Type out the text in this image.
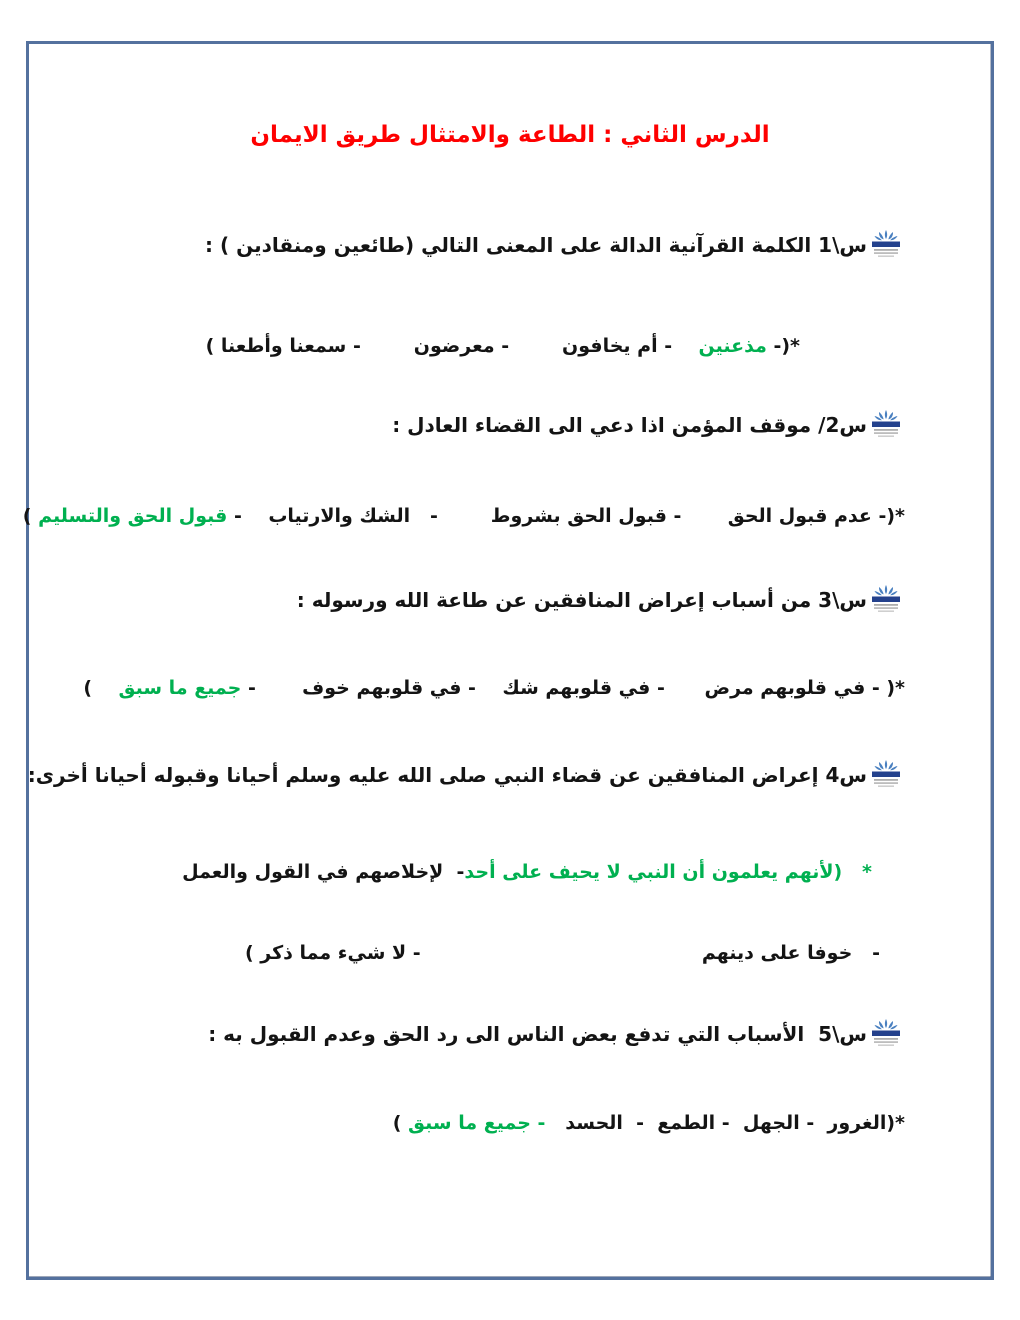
الدرس الثاني : الطاعة والامتثال طريق الايمان
س\1 الكلمة القرآنية الدالة على المعنى التالي (طائعين ومنقادين ) :
*(- مذعنين    - أم يخافون        - معرضون        - سمعنا وأطعنا )
س2/ موقف المؤمن اذا دعي الى القضاء العادل :
*(- عدم قبول الحق       - قبول الحق بشروط        -   الشك والارتياب    - قبول الحق والتسليم )
س\3 من أسباب إعراض المنافقين عن طاعة الله ورسوله :
*( - في قلوبهم مرض      - في قلوبهم شك    - في قلوبهم خوف       - جميع ما سبق    )
س4 إعراض المنافقين عن قضاء النبي صلى الله عليه وسلم أحيانا وقبوله أحيانا أخرى:
*   (لأنهم يعلمون أن النبي لا يحيف على أحد
-  لإخلاصهم في القول والعمل
-   خوفا على دينهم
- لا شيء مما ذكر )
س\5  الأسباب التي تدفع بعض الناس الى رد الحق وعدم القبول به :
*(الغرور  - الجهل  - الطمع  -  الحسد   - جميع ما سبق )
